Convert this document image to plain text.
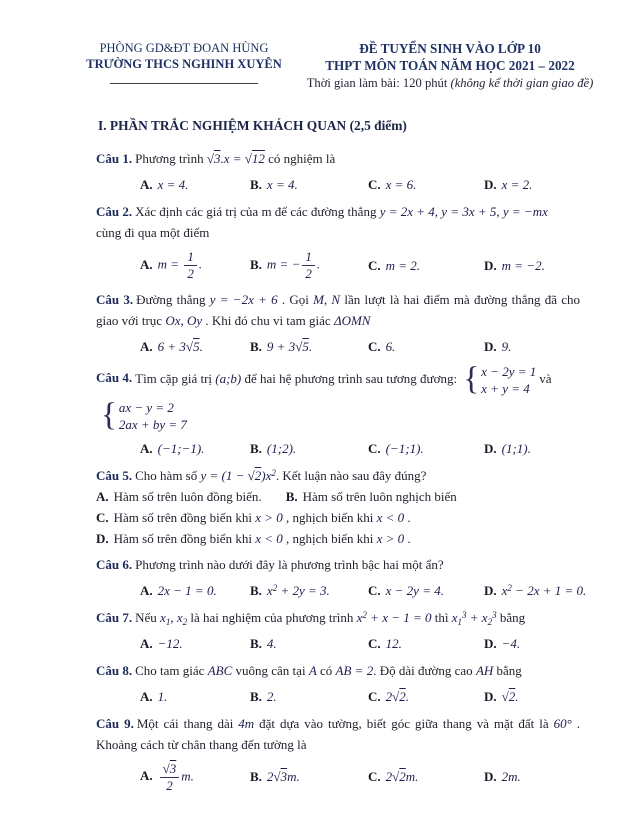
PHÒNG GD&ĐT ĐOAN HÙNG
TRƯỜNG THCS NGHINH XUYÊN
ĐỀ TUYỂN SINH VÀO LỚP 10
THPT MÔN TOÁN NĂM HỌC 2021 – 2022
Thời gian làm bài: 120 phút (không kể thời gian giao đề)
I. PHẦN TRẮC NGHIỆM KHÁCH QUAN (2,5 điểm)

Câu 1. Phương trình √3.x = √12 có nghiệm là

A. x = 4.	B. x = 4.	C. x = 6.	D. x = 2.

Câu 2. Xác định các giá trị của m để các đường thẳng y = 2x + 4, y = 3x + 5, y = −mx

cùng đi qua một điểm

A. $m = \frac{1}{2}$ .	B. m = − $\frac{1}{2}$ .	C. m = 2.	D. m = −2.

Câu 3. Đường thẳng y = −2x + 6 . Gọi M, N lần lượt là hai điểm mà đường thẳng đã cho giao với trục Ox, Oy . Khi đó chu vi tam giác ΔOMN

A. 6 + 3√5.	B. 9 + 3√5.	C. 6.	D. 9.

Câu 4. Tìm cặp giá trị (a;b) để hai hệ phương trình sau tương đương: { x − 2y = 1
x + y = 4
và

{ ax − y = 2
2ax + by = 7

A. (−1;−1).	B. (1;2).	C. (−1;1).	D. (1;1).

Câu 5. Cho hàm số $y = (1 - √2)x^2$. Kết luận nào sau đây đúng?

A. Hàm số trên luôn đồng biến. B. Hàm số trên luôn nghịch biến

C. Hàm số trên đồng biến khi x > 0 , nghịch biến khi x < 0 .

D. Hàm số trên đồng biến khi x < 0 , nghịch biến khi x > 0 .

Câu 6. Phương trình nào dưới đây là phương trình bậc hai một ẩn?

A. 2x − 1 = 0.	B. $x^2 + 2y = 3$.	C. x − 2y = 4.	D. $x^2 - 2x + 1 = 0$.

Câu 7. Nếu $x_1$, $x_2$ là hai nghiệm của phương trình $x^2 + x - 1 = 0$ thì $x_1^3 + x_2^3$ bằng

A. −12.	B. 4.	C. 12.	D. −4.

Câu 8. Cho tam giác ABC vuông cân tại A có AB = 2. Độ dài đường cao AH bằng

A. 1.	B. 2.	C. 2√2.	D. √2.

Câu 9. Một cái thang dài 4m đặt dựa vào tường, biết góc giữa thang và mặt đất là 60° . Khoảng cách từ chân thang đến tường là

A. $\frac{√3}{2} m$.	B. 2√3m.	C. 2√2m.	D. 2m.
